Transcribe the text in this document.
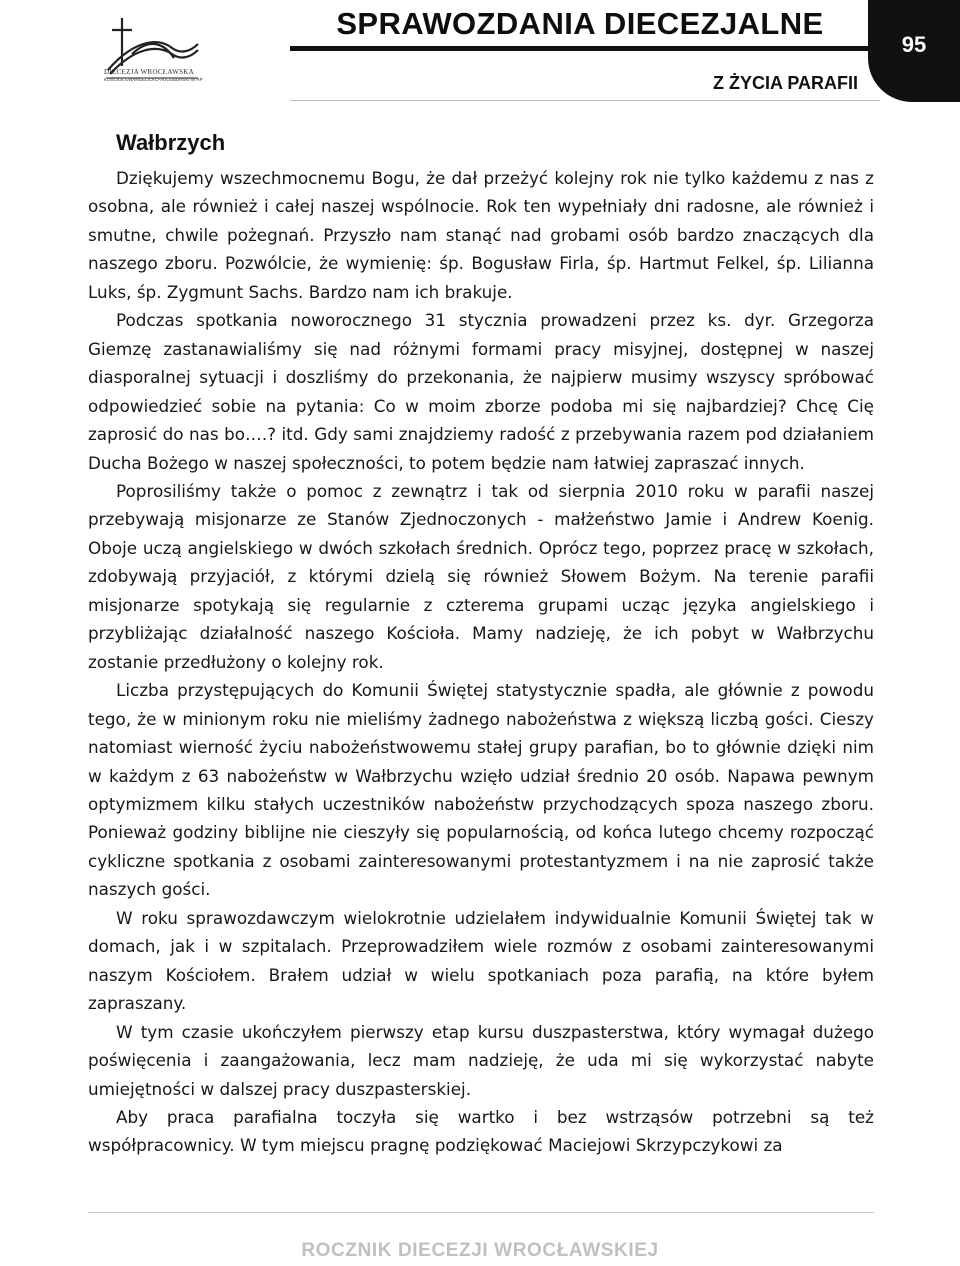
DIECEZJA WROCŁAWSKA
KOŚCIÓŁ EWANGELICKO-AUGSBURSKI W RP
SPRAWOZDANIA DIECEZJALNE
Z ŻYCIA PARAFII
95
Wałbrzych

Dziękujemy wszechmocnemu Bogu, że dał przeżyć kolejny rok nie tylko każdemu z nas z osobna, ale również i całej naszej wspólnocie. Rok ten wypełniały dni radosne, ale również i smutne, chwile pożegnań. Przyszło nam stanąć nad grobami osób bardzo znaczących dla naszego zboru. Pozwólcie, że wymienię: śp. Bogusław Firla, śp. Hartmut Felkel, śp. Lilianna Luks, śp. Zygmunt Sachs. Bardzo nam ich brakuje.

Podczas spotkania noworocznego 31 stycznia prowadzeni przez ks. dyr. Grzegorza Giemzę zastanawialiśmy się nad różnymi formami pracy misyjnej, dostępnej w naszej diasporalnej sytuacji i doszliśmy do przekonania, że najpierw musimy wszyscy spróbować odpowiedzieć sobie na pytania: Co w moim zborze podoba mi się najbardziej? Chcę Cię zaprosić do nas bo….? itd. Gdy sami znajdziemy radość z przebywania razem pod działaniem Ducha Bożego w naszej społeczności, to potem będzie nam łatwiej zapraszać innych.

Poprosiliśmy także o pomoc z zewnątrz i tak od sierpnia 2010 roku w parafii naszej przebywają misjonarze ze Stanów Zjednoczonych - małżeństwo Jamie i Andrew Koenig. Oboje uczą angielskiego w dwóch szkołach średnich. Oprócz tego, poprzez pracę w szkołach, zdobywają przyjaciół, z którymi dzielą się również Słowem Bożym. Na terenie parafii misjonarze spotykają się regularnie z czterema grupami ucząc języka angielskiego i przybliżając działalność naszego Kościoła. Mamy nadzieję, że ich pobyt w Wałbrzychu zostanie przedłużony o kolejny rok.

Liczba przystępujących do Komunii Świętej statystycznie spadła, ale głównie z powodu tego, że w minionym roku nie mieliśmy żadnego nabożeństwa z większą liczbą gości. Cieszy natomiast wierność życiu nabożeństwowemu stałej grupy parafian, bo to głównie dzięki nim w każdym z 63 nabożeństw w Wałbrzychu wzięło udział średnio 20 osób. Napawa pewnym optymizmem kilku stałych uczestników nabożeństw przychodzących spoza naszego zboru. Ponieważ godziny biblijne nie cieszyły się popularnością, od końca lutego chcemy rozpocząć cykliczne spotkania z osobami zainteresowanymi protestantyzmem i na nie zaprosić także naszych gości.

W roku sprawozdawczym wielokrotnie udzielałem indywidualnie Komunii Świętej tak w domach, jak i w szpitalach. Przeprowadziłem wiele rozmów z osobami zainteresowanymi naszym Kościołem. Brałem udział w wielu spotkaniach poza parafią, na które byłem zapraszany.

W tym czasie ukończyłem pierwszy etap kursu duszpasterstwa, który wymagał dużego poświęcenia i zaangażowania, lecz mam nadzieję, że uda mi się wykorzystać nabyte umiejętności w dalszej pracy duszpasterskiej.

Aby praca parafialna toczyła się wartko i bez wstrząsów potrzebni są też współpracownicy. W tym miejscu pragnę podziękować Maciejowi Skrzypczykowi za

ROCZNIK DIECEZJI WROCŁAWSKIEJ
